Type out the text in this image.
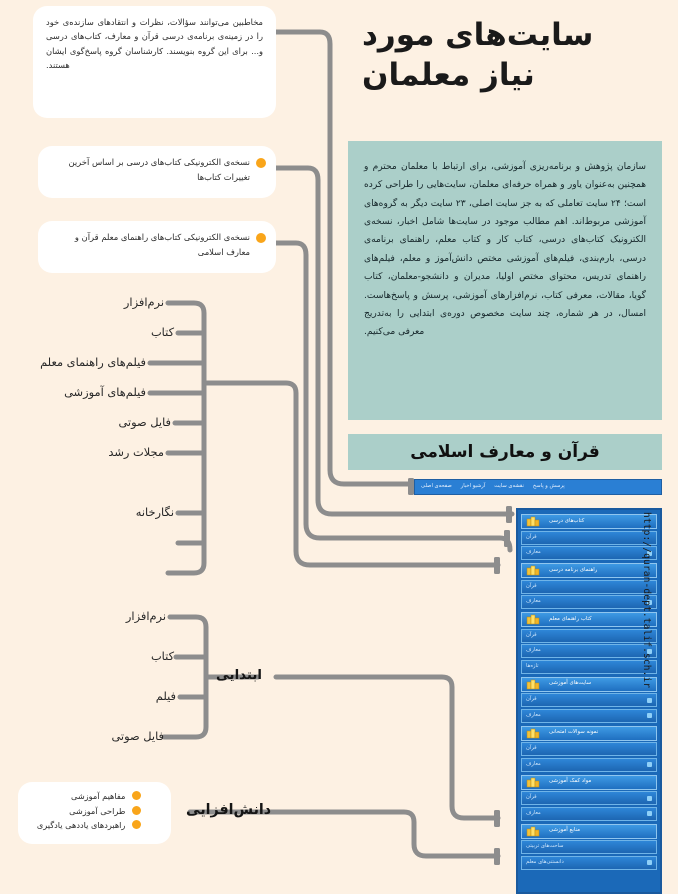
سایت‌های مورد
نیاز معلمان
سازمان پژوهش و برنامه‌ریزی آموزشی، برای ارتباط با معلمان محترم و همچنین به‌عنوان یاور و همراه حرفه‌ای معلمان، سایت‌هایی را طراحی کرده است؛ ۲۴ سایت تعاملی که به جز سایت اصلی، ۲۳ سایت دیگر به گروه‌های آموزشی مربوط‌اند. اهم مطالب موجود در سایت‌ها شامل اخبار، نسخه‌ی الکترونیک کتاب‌های درسی، کتاب کار و کتاب معلم، راهنمای برنامه‌ی درسی، بارم‌بندی، فیلم‌های آموزشی مختص دانش‌آموز و معلم، فیلم‌های راهنمای تدریس، محتوای مختص اولیا، مدیران و دانشجو-معلمان، کتاب گویا، مقالات، معرفی کتاب، نرم‌افزارهای آموزشی، پرسش و پاسخ‌هاست. امسال، در هر شماره، چند سایت مخصوص دوره‌ی ابتدایی را به‌تدریج معرفی می‌کنیم.
قرآن و معارف اسلامی
صفحه‌ی اصلی آرشیو اخبار نقشه‌ی سایت پرسش و پاسخ
کتاب‌های درسی
قرآن
معارف
راهنمای برنامه درسی
قرآن
معارف
کتاب راهنمای معلم
قرآن
معارف
تازه‌ها
سایت‌های آموزشی
قرآن
معارف
نمونه سوالات امتحانی
قرآن
معارف
مواد کمک آموزشی
قرآن
معارف
منابع آموزشی
ساحت‌های تربیتی
دانستنی‌های معلم
http://quran-dept.talif.sch.ir
مخاطبین می‌توانند سؤالات، نظرات و انتقادهای سازنده‌ی خود را در زمینه‌ی برنامه‌ی درسی قرآن و معارف، کتاب‌های درسی و... برای این گروه بنویسند. کارشناسان گروه پاسخ‌گوی ایشان هستند.
نسخه‌ی الکترونیکی کتاب‌های درسی بر اساس آخرین تغییرات کتاب‌ها
نسخه‌ی الکترونیکی کتاب‌های راهنمای معلم قرآن و معارف اسلامی
مفاهیم آموزشی
طراحی آموزشی
راهبردهای یاددهی یادگیری
نرم‌افزار
کتاب
فیلم‌های راهنمای معلم
فیلم‌های آموزشی
فایل صوتی
مجلات رشد
نگارخانه
نرم‌افزار
کتاب
فیلم
فایل صوتی
ابتدایی
دانش‌افزایی
